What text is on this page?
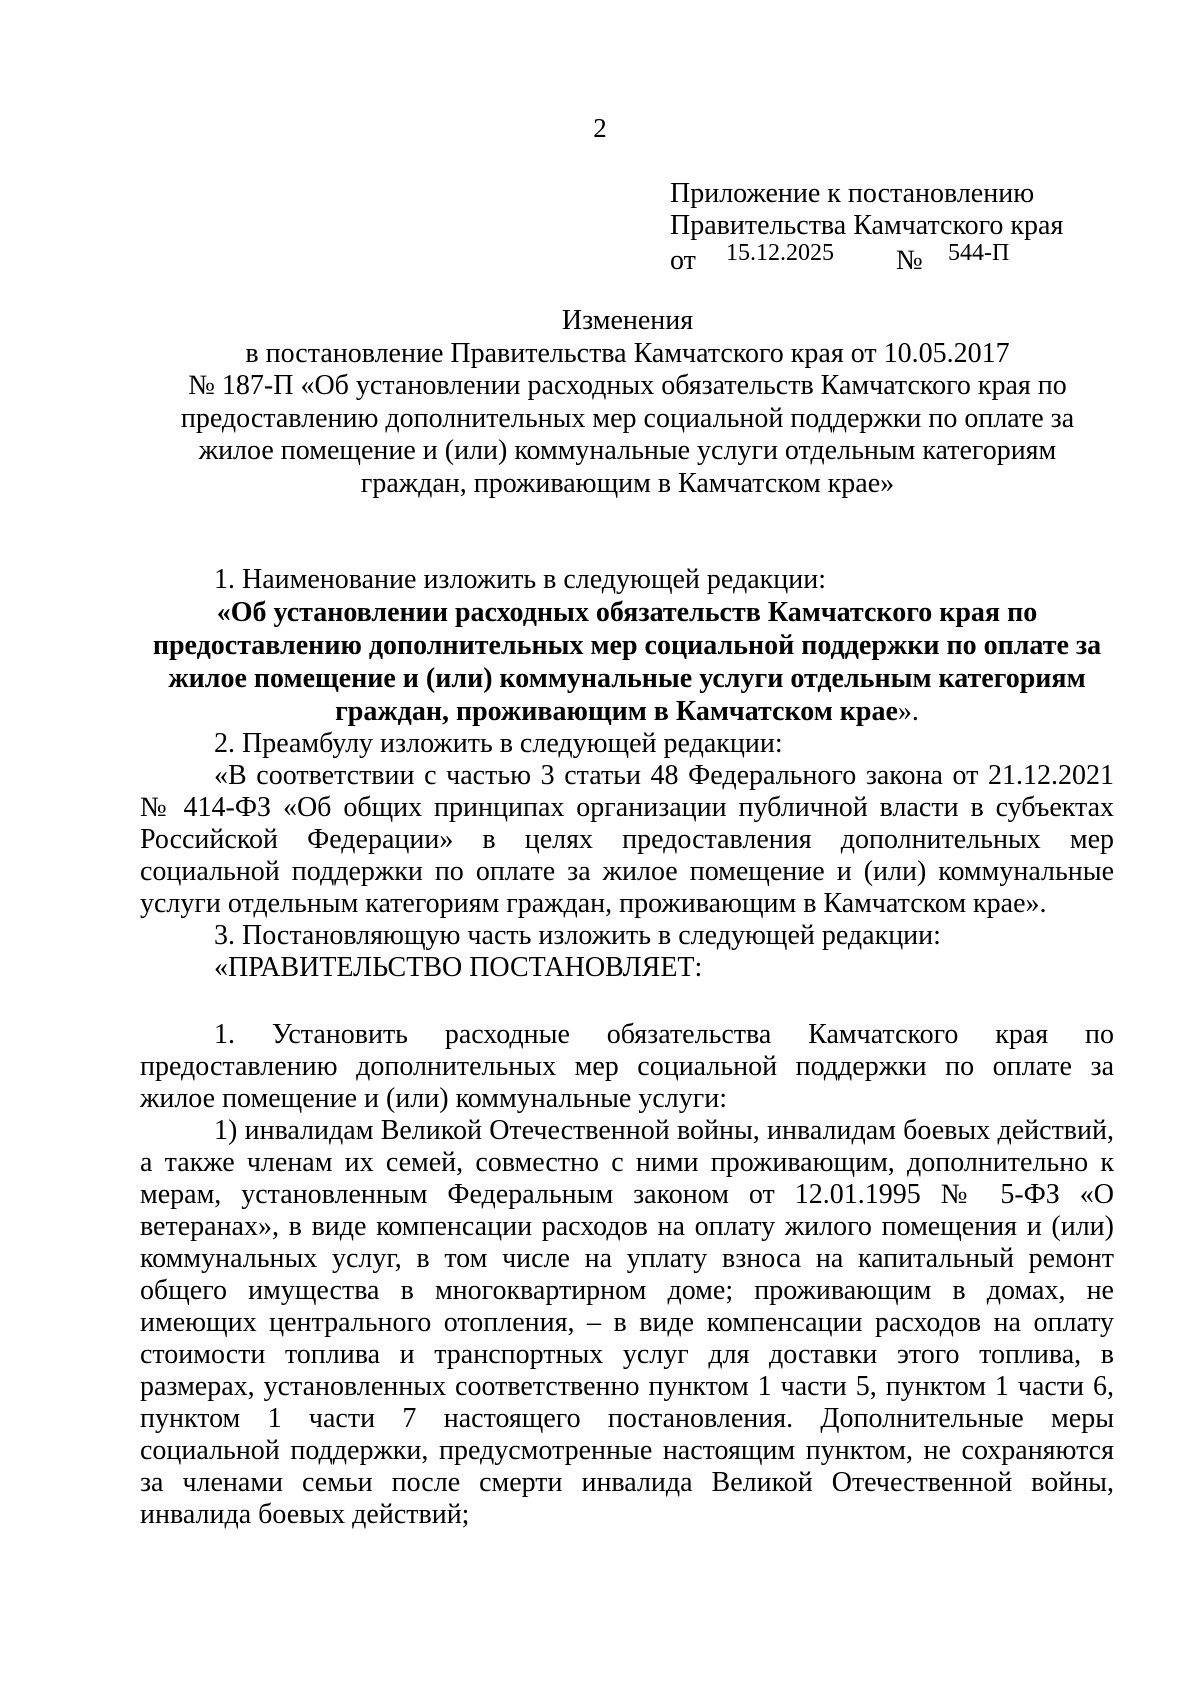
2
Приложение к постановлению
Правительства Камчатского края
от 15.12.2025 № 544-П
Изменения
в постановление Правительства Камчатского края от 10.05.2017
№ 187-П «Об установлении расходных обязательств Камчатского края по
предоставлению дополнительных мер социальной поддержки по оплате за
жилое помещение и (или) коммунальные услуги отдельным категориям
граждан, проживающим в Камчатском крае»
1. Наименование изложить в следующей редакции:
«Об установлении расходных обязательств Камчатского края по
предоставлению дополнительных мер социальной поддержки по оплате за
жилое помещение и (или) коммунальные услуги отдельным категориям
граждан, проживающим в Камчатском крае».
2. Преамбулу изложить в следующей редакции:
«В соответствии с частью 3 статьи 48 Федерального закона от 21.12.2021 № 414-ФЗ «Об общих принципах организации публичной власти в субъектах Российской Федерации» в целях предоставления дополнительных мер социальной поддержки по оплате за жилое помещение и (или) коммунальные услуги отдельным категориям граждан, проживающим в Камчатском крае».
3. Постановляющую часть изложить в следующей редакции:
«ПРАВИТЕЛЬСТВО ПОСТАНОВЛЯЕТ:
1. Установить расходные обязательства Камчатского края по предоставлению дополнительных мер социальной поддержки по оплате за жилое помещение и (или) коммунальные услуги:
1) инвалидам Великой Отечественной войны, инвалидам боевых действий, а также членам их семей, совместно с ними проживающим, дополнительно к мерам, установленным Федеральным законом от 12.01.1995 № 5-ФЗ «О ветеранах», в виде компенсации расходов на оплату жилого помещения и (или) коммунальных услуг, в том числе на уплату взноса на капитальный ремонт общего имущества в многоквартирном доме; проживающим в домах, не имеющих центрального отопления, – в виде компенсации расходов на оплату стоимости топлива и транспортных услуг для доставки этого топлива, в размерах, установленных соответственно пунктом 1 части 5, пунктом 1 части 6, пунктом 1 части 7 настоящего постановления. Дополнительные меры социальной поддержки, предусмотренные настоящим пунктом, не сохраняются за членами семьи после смерти инвалида Великой Отечественной войны, инвалида боевых действий;
